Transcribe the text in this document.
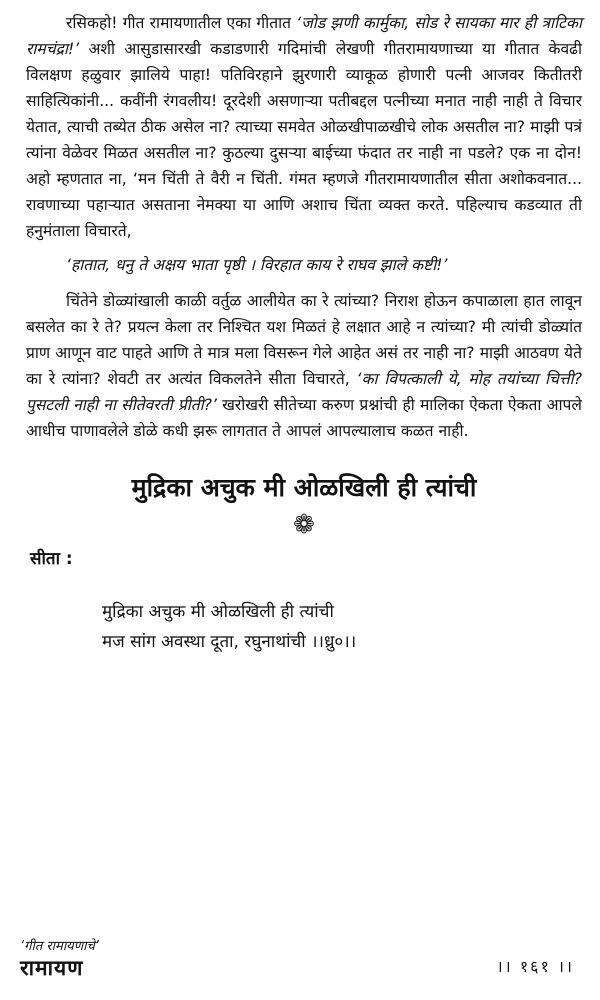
रसिकहो! गीत रामायणातील एका गीतात ‘जोड झणी कार्मुका, सोड रे सायका मार ही त्राटिका रामचंद्रा!’ अशी आसुडासारखी कडाडणारी गदिमांची लेखणी गीतरामायणाच्या या गीतात केवढी विलक्षण हळुवार झालिये पाहा! पतिविरहाने झुरणारी व्याकूळ होणारी पत्नी आजवर कितीतरी साहित्यिकांनी... कवींनी रंगवलीय! दूरदेशी असणाऱ्या पतीबद्दल पत्नीच्या मनात नाही नाही ते विचार येतात, त्याची तब्येत ठीक असेल ना? त्याच्या समवेत ओळखीपाळखीचे लोक असतील ना? माझी पत्रं त्यांना वेळेवर मिळत असतील ना? कुठल्या दुसऱ्या बाईच्या फंदात तर नाही ना पडले? एक ना दोन! अहो म्हणतात ना, ‘मन चिंती ते वैरी न चिंती. गंमत म्हणजे गीतरामायणातील सीता अशोकवनात... रावणाच्या पहाऱ्यात असताना नेमक्या या आणि अशाच चिंता व्यक्त करते. पहिल्याच कडव्यात ती हनुमंताला विचारते,

‘हातात, धनु ते अक्षय भाता पृष्ठी । विरहात काय रे राघव झाले कष्टी!’

चिंतेने डोळ्यांखाली काळी वर्तुळ आलीयेत का रे त्यांच्या? निराश होऊन कपाळाला हात लावून बसलेत का रे ते? प्रयत्न केला तर निश्चित यश मिळतं हे लक्षात आहे न त्यांच्या? मी त्यांची डोळ्यांत प्राण आणून वाट पाहते आणि ते मात्र मला विसरून गेले आहेत असं तर नाही ना? माझी आठवण येते का रे त्यांना? शेवटी तर अत्यंत विकलतेने सीता विचारते, ‘का विपत्काली ये, मोह तयांच्या चित्ती? पुसटली नाही ना सीतेवरती प्रीती?’ खरोखरी सीतेच्या करुण प्रश्नांची ही मालिका ऐकता ऐकता आपले आधीच पाणावलेले डोळे कधी झरू लागतात ते आपलं आपल्यालाच कळत नाही.

मुद्रिका अचुक मी ओळखिली ही त्यांची
❁
सीता :
मुद्रिका अचुक मी ओळखिली ही त्यांची
मज सांग अवस्था दूता, रघुनाथांची ।।ध्रु०।।
‘गीत रामायणाचे’
रामायण	।। १६१ ।।
